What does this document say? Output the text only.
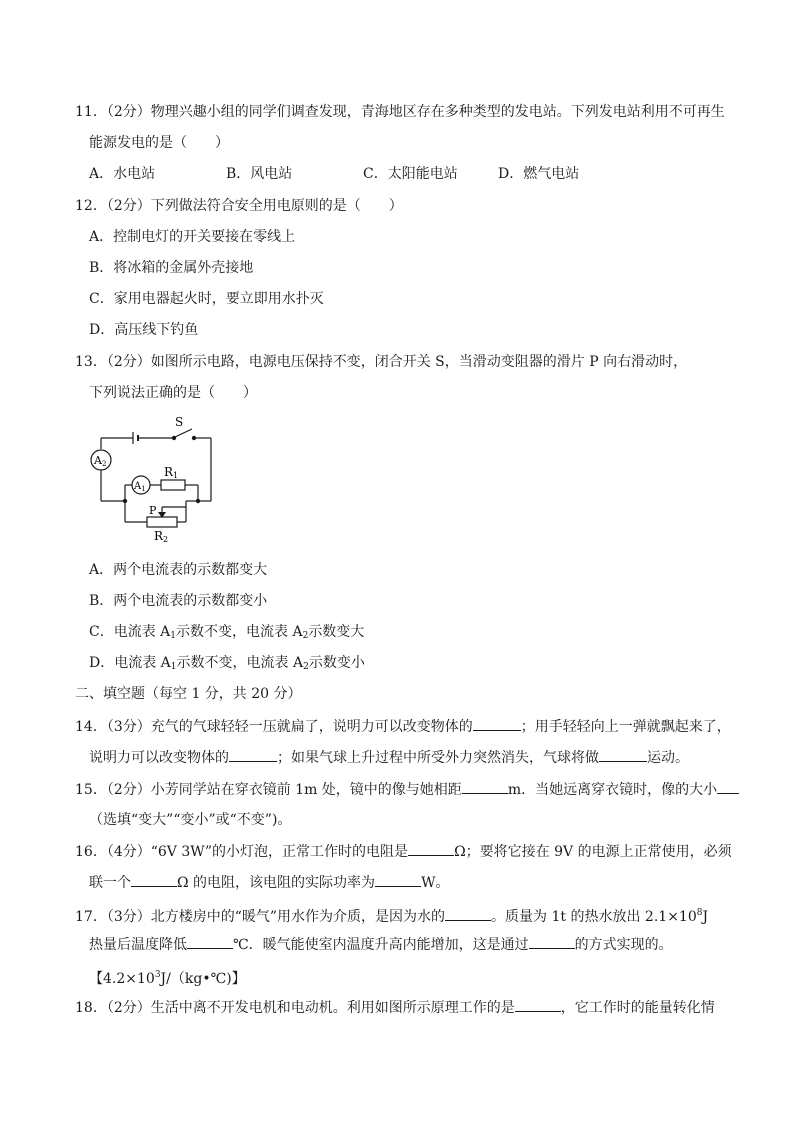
11．（2分）物理兴趣小组的同学们调查发现，青海地区存在多种类型的发电站。下列发电站利用不可再生
能源发电的是（　　）
A．水电站	B．风电站	C．太阳能电站	D．燃气电站
12．（2分）下列做法符合安全用电原则的是（　　）
A．控制电灯的开关要接在零线上
B．将冰箱的金属外壳接地
C．家用电器起火时，要立即用水扑灭
D．高压线下钓鱼
13．（2分）如图所示电路，电源电压保持不变，闭合开关 S，当滑动变阻器的滑片 P 向右滑动时，
下列说法正确的是（　　）
S
A2
$A_1$
R1
P
R2
A．两个电流表的示数都变大
B．两个电流表的示数都变小
C．电流表 $A_1$示数不变，电流表 $A_2$示数变大
D．电流表 $A_1$示数不变，电流表 $A_2$示数变小
二、填空题（每空 1 分，共 20 分）
14．（3分）充气的气球轻轻一压就扁了，说明力可以改变物体的	；用手轻轻向上一弹就飘起来了，
说明力可以改变物体的	；如果气球上升过程中所受外力突然消失，气球将做	运动。
15．（2分）小芳同学站在穿衣镜前 1m 处，镜中的像与她相距	m．当她远离穿衣镜时，像的大小
（选填“变大”“变小”或“不变”)。
16．（4分）“6V 3W”的小灯泡，正常工作时的电阻是	Ω；要将它接在 9V 的电源上正常使用，必须
联一个	Ω 的电阻，该电阻的实际功率为	W。
17．（3分）北方楼房中的“暖气”用水作为介质，是因为水的	。质量为 1t 的热水放出 $2.1\times 10^8J$
热量后温度降低	℃．暖气能使室内温度升高内能增加，这是通过	的方式实现的。
【$4.2\times 10^3J/(kg•℃)$】
18．（2分）生活中离不开发电机和电动机。利用如图所示原理工作的是	，它工作时的能量转化情
